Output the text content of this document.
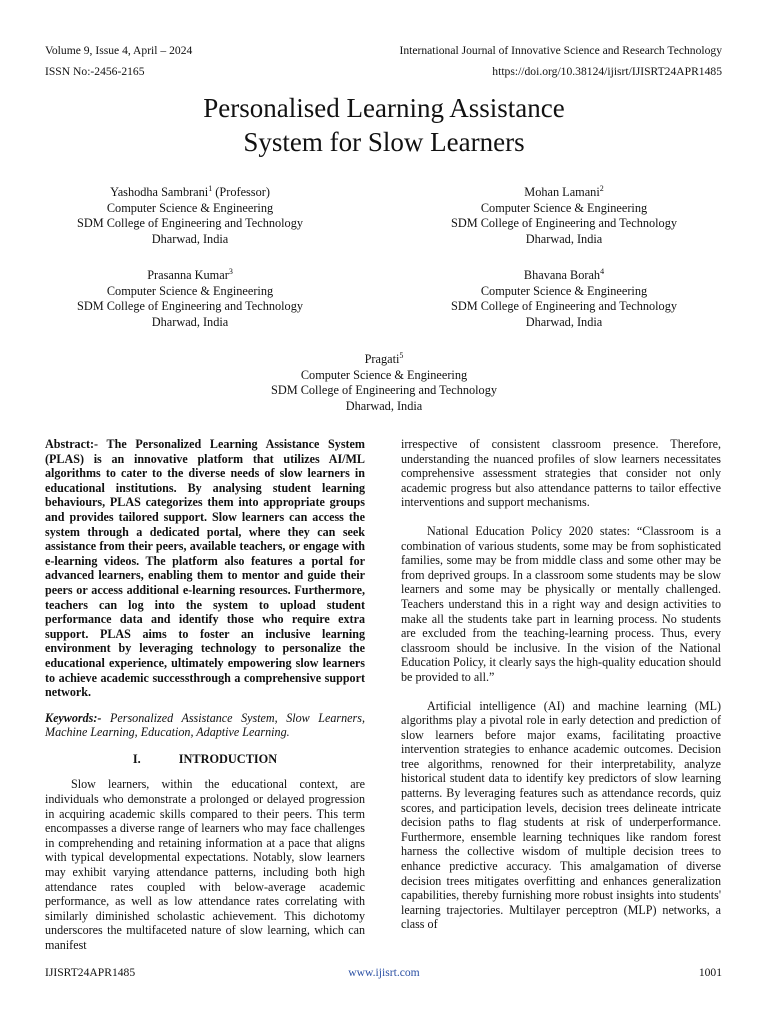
Volume 9, Issue 4, April – 2024	International Journal of Innovative Science and Research Technology
ISSN No:-2456-2165	https://doi.org/10.38124/ijisrt/IJISRT24APR1485
Personalised Learning Assistance
System for Slow Learners
Yashodha Sambrani$^1$ (Professor)
Computer Science & Engineering
SDM College of Engineering and Technology
Dharwad, India
Mohan Lamani$^2$
Computer Science & Engineering
SDM College of Engineering and Technology
Dharwad, India
Prasanna Kumar$^3$
Computer Science & Engineering
SDM College of Engineering and Technology
Dharwad, India
Bhavana Borah$^4$
Computer Science & Engineering
SDM College of Engineering and Technology
Dharwad, India
Pragati$^5$
Computer Science & Engineering
SDM College of Engineering and Technology
Dharwad, India

Abstract:- The Personalized Learning Assistance System (PLAS) is an innovative platform that utilizes AI/ML algorithms to cater to the diverse needs of slow learners in educational institutions. By analysing student learning behaviours, PLAS categorizes them into appropriate groups and provides tailored support. Slow learners can access the system through a dedicated portal, where they can seek assistance from their peers, available teachers, or engage with e-learning videos. The platform also features a portal for advanced learners, enabling them to mentor and guide their peers or access additional e-learning resources. Furthermore, teachers can log into the system to upload student performance data and identify those who require extra support. PLAS aims to foster an inclusive learning environment by leveraging technology to personalize the educational experience, ultimately empowering slow learners to achieve academic successthrough a comprehensive support network.

Keywords:- Personalized Assistance System, Slow Learners, Machine Learning, Education, Adaptive Learning.

I.	INTRODUCTION

Slow learners, within the educational context, are individuals who demonstrate a prolonged or delayed progression in acquiring academic skills compared to their peers. This term encompasses a diverse range of learners who may face challenges in comprehending and retaining information at a pace that aligns with typical developmental expectations. Notably, slow learners may exhibit varying attendance patterns, including both high attendance rates coupled with below-average academic performance, as well as low attendance rates correlating with similarly diminished scholastic achievement. This dichotomy underscores the multifaceted nature of slow learning, which can manifest

irrespective of consistent classroom presence. Therefore, understanding the nuanced profiles of slow learners necessitates comprehensive assessment strategies that consider not only academic progress but also attendance patterns to tailor effective interventions and support mechanisms.

National Education Policy 2020 states: “Classroom is a combination of various students, some may be from sophisticated families, some may be from middle class and some other may be from deprived groups. In a classroom some students may be slow learners and some may be physically or mentally challenged. Teachers understand this in a right way and design activities to make all the students take part in learning process. No students are excluded from the teaching-learning process. Thus, every classroom should be inclusive. In the vision of the National Education Policy, it clearly says the high-quality education should be provided to all.”

Artificial intelligence (AI) and machine learning (ML) algorithms play a pivotal role in early detection and prediction of slow learners before major exams, facilitating proactive intervention strategies to enhance academic outcomes. Decision tree algorithms, renowned for their interpretability, analyze historical student data to identify key predictors of slow learning patterns. By leveraging features such as attendance records, quiz scores, and participation levels, decision trees delineate intricate decision paths to flag students at risk of underperformance. Furthermore, ensemble learning techniques like random forest harness the collective wisdom of multiple decision trees to enhance predictive accuracy. This amalgamation of diverse decision trees mitigates overfitting and enhances generalization capabilities, thereby furnishing more robust insights into students' learning trajectories. Multilayer perceptron (MLP) networks, a class of

IJISRT24APR1485	www.ijisrt.com	1001
